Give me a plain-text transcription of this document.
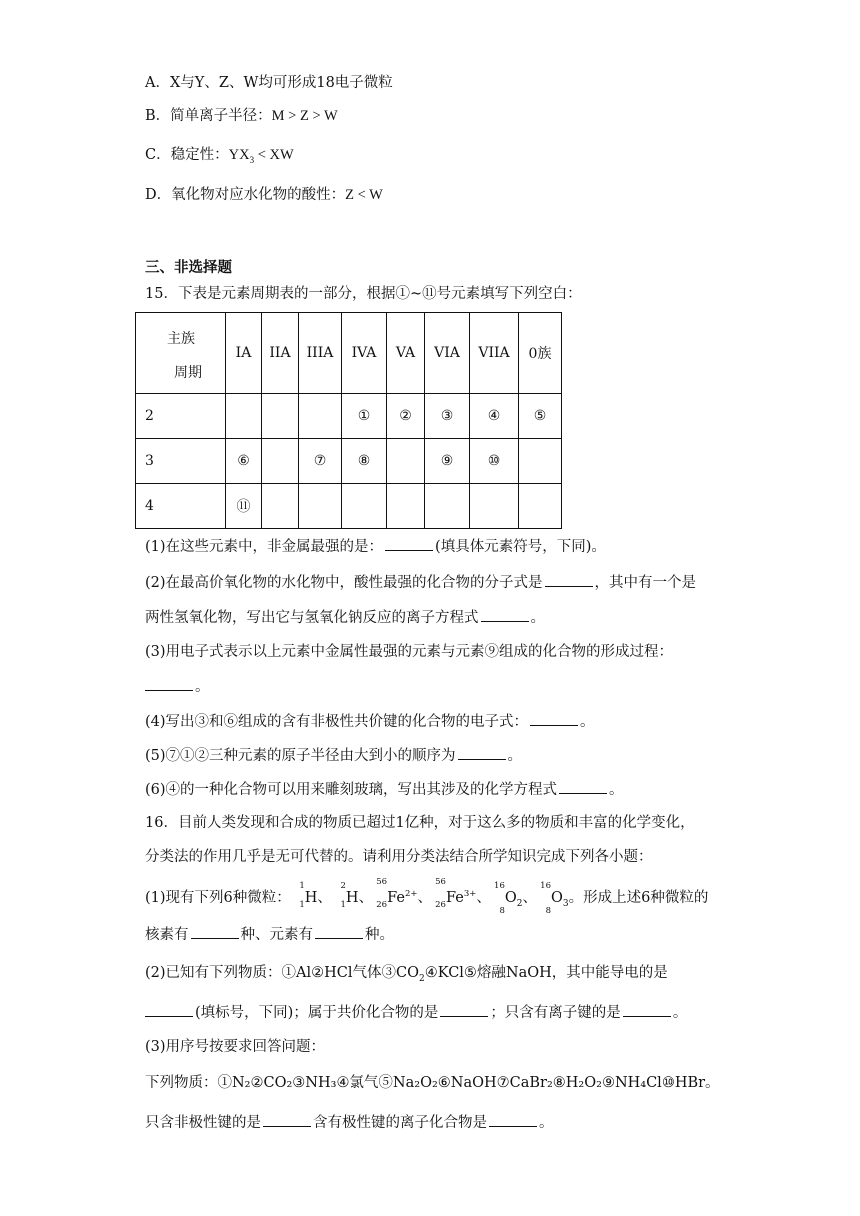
A．X与Y、Z、W均可形成18电子微粒
B．简单离子半径：M > Z > W
C．稳定性：$YX_3$ < XW
D．氧化物对应水化物的酸性：Z < W
三、非选择题
15．下表是元素周期表的一部分，根据①~⑪号元素填写下列空白：
主族
周期	IA	IIA	IIIA	IVA	VA	VIA	VIIA	0族
2				①	②	③	④	⑤
3	⑥		⑦	⑧		⑨	⑩	
4	⑪							
(1)在这些元素中，非金属最强的是：	(填具体元素符号，下同)。
(2)在最高价氧化物的水化物中，酸性最强的化合物的分子式是	，其中有一个是
两性氢氧化物，写出它与氢氧化钠反应的离子方程式	。
(3)用电子式表示以上元素中金属性最强的元素与元素⑨组成的化合物的形成过程：
。
(4)写出③和⑥组成的含有非极性共价键的化合物的电子式：	。
(5)⑦①②三种元素的原子半径由大到小的顺序为	。
(6)④的一种化合物可以用来雕刻玻璃，写出其涉及的化学方程式	。
16．目前人类发现和合成的物质已超过1亿种，对于这么多的物质和丰富的化学变化，
分类法的作用几乎是无可代替的。请利用分类法结合所学知识完成下列各小题：
(1)现有下列6种微粒：
1
1 H、
2
1 H、
56
26 $Fe^{2+}$、
56
26 $Fe^{3+}$、
16
8
$O_2$、
16
8
$O_3$。形成上述6种微粒的
核素有	种、元素有	种。
(2)已知有下列物质：①Al②HCl气体$③CO_2④KCl⑤$熔融NaOH，其中能导电的是
(填标号，下同)；属于共价化合物的是	；只含有离子键的是	。
(3)用序号按要求回答问题：
下列物质：①N₂②CO₂③NH₃④氯气⑤Na₂O₂⑥NaOH⑦CaBr₂⑧H₂O₂⑨NH₄Cl⑩HBr。
只含非极性键的是	含有极性键的离子化合物是	。
